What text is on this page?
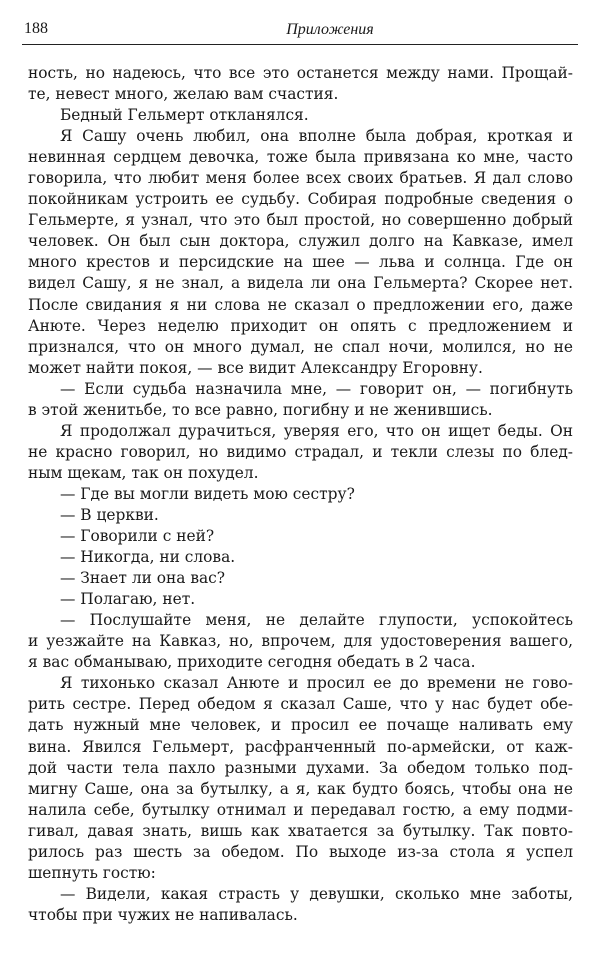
188	Приложения
ность, но надеюсь, что все это останется между нами. Прощай-
те, невест много, желаю вам счастия.
Бедный Гельмерт откланялся.
Я Сашу очень любил, она вполне была добрая, кроткая и
невинная сердцем девочка, тоже была привязана ко мне, часто
говорила, что любит меня более всех своих братьев. Я дал слово
покойникам устроить ее судьбу. Собирая подробные сведения о
Гельмерте, я узнал, что это был простой, но совершенно добрый
человек. Он был сын доктора, служил долго на Кавказе, имел
много крестов и персидские на шее — льва и солнца. Где он
видел Сашу, я не знал, а видела ли она Гельмерта? Скорее нет.
После свидания я ни слова не сказал о предложении его, даже
Анюте. Через неделю приходит он опять с предложением и
признался, что он много думал, не спал ночи, молился, но не
может найти покоя, — все видит Александру Егоровну.
— Если судьба назначила мне, — говорит он, — погибнуть
в этой женитьбе, то все равно, погибну и не женившись.
Я продолжал дурачиться, уверяя его, что он ищет беды. Он
не красно говорил, но видимо страдал, и текли слезы по блед-
ным щекам, так он похудел.
— Где вы могли видеть мою сестру?
— В церкви.
— Говорили с ней?
— Никогда, ни слова.
— Знает ли она вас?
— Полагаю, нет.
— Послушайте меня, не делайте глупости, успокойтесь
и уезжайте на Кавказ, но, впрочем, для удостоверения вашего,
я вас обманываю, приходите сегодня обедать в 2 часа.
Я тихонько сказал Анюте и просил ее до времени не гово-
рить сестре. Перед обедом я сказал Саше, что у нас будет обе-
дать нужный мне человек, и просил ее почаще наливать ему
вина. Явился Гельмерт, расфранченный по-армейски, от каж-
дой части тела пахло разными духами. За обедом только под-
мигну Саше, она за бутылку, а я, как будто боясь, чтобы она не
налила себе, бутылку отнимал и передавал гостю, а ему подми-
гивал, давая знать, вишь как хватается за бутылку. Так повто-
рилось раз шесть за обедом. По выходе из-за стола я успел
шепнуть гостю:
— Видели, какая страсть у девушки, сколько мне заботы,
чтобы при чужих не напивалась.
